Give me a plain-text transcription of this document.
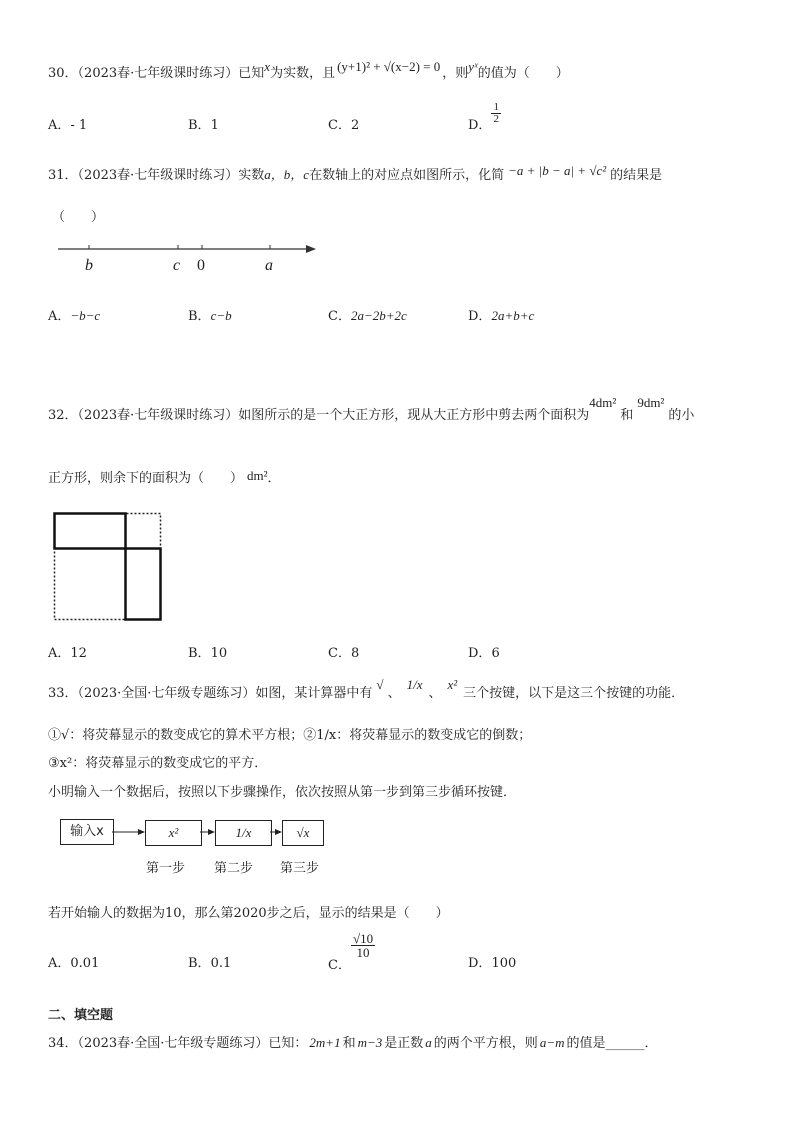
30．（2023春·七年级课时练习）已知x为实数，且 (y+1)² + √(x−2) = 0 ，则yˣ的值为（　　）
A．- 1	B．1	C．2	D．
$\frac{1}{2}$
31．（2023春·七年级课时练习）实数a，b，c在数轴上的对应点如图所示，化简 −a + |b − a| + √c² 的结果是
（　　）
b	c 0	a
A．−b−c	B．c−b	C．2a−2b+2c	D．2a+b+c
32．（2023春·七年级课时练习）如图所示的是一个大正方形，现从大正方形中剪去两个面积为4dm²和9dm²的小
正方形，则余下的面积为（　　） dm²．
A．12	B．10	C．8	D．6
33．（2023·全国·七年级专题练习）如图，某计算器中有√、1/x、x²三个按键，以下是这三个按键的功能．
①√：将荧幕显示的数变成它的算术平方根；②1/x：将荧幕显示的数变成它的倒数；
③x²：将荧幕显示的数变成它的平方．
小明输入一个数据后，按照以下步骤操作，依次按照从第一步到第三步循环按键．
输入x	x²	1/x	√x
第一步 第二步 第三步
若开始输人的数据为10，那么第2020步之后，显示的结果是（　　）
A．0.01	B．0.1	C．
$\frac{√10}{10}$
D．100
二、填空题
34．（2023春·全国·七年级专题练习）已知： 2m+1 和 m−3 是正数 a 的两个平方根，则 a−m 的值是______．
